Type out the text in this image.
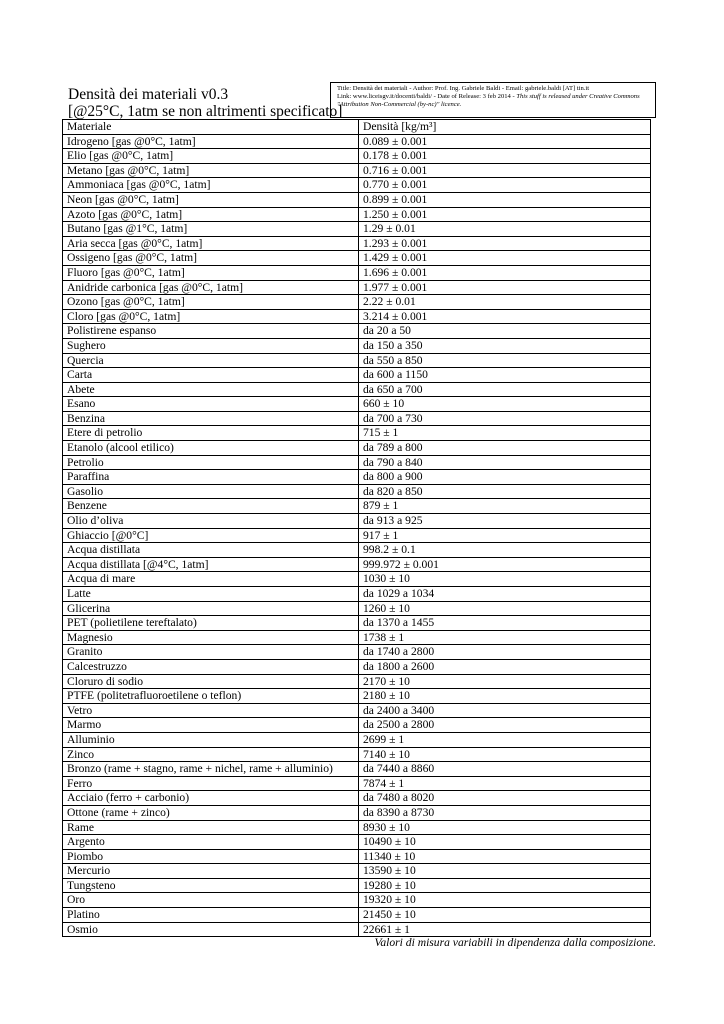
Densità dei materiali v0.3
[@25°C, 1atm se non altrimenti specificato]
Title: Densità dei materiali - Author: Prof. Ing. Gabriele Baldi - Email: gabriele.baldi [AT] tin.it
Link: www.liceisgv.it/docenti/baldi/ - Date of Release: 3 feb 2014 - This stuff is released under Creative Commons "Attribution Non-Commercial (by-nc)" licence.
Materiale	Densità [kg/m³]
Idrogeno [gas @0°C, 1atm]	0.089 ± 0.001
Elio [gas @0°C, 1atm]	0.178 ± 0.001
Metano [gas @0°C, 1atm]	0.716 ± 0.001
Ammoniaca [gas @0°C, 1atm]	0.770 ± 0.001
Neon [gas @0°C, 1atm]	0.899 ± 0.001
Azoto [gas @0°C, 1atm]	1.250 ± 0.001
Butano [gas @1°C, 1atm]	1.29 ± 0.01
Aria secca [gas @0°C, 1atm]	1.293 ± 0.001
Ossigeno [gas @0°C, 1atm]	1.429 ± 0.001
Fluoro [gas @0°C, 1atm]	1.696 ± 0.001
Anidride carbonica [gas @0°C, 1atm]	1.977 ± 0.001
Ozono [gas @0°C, 1atm]	2.22 ± 0.01
Cloro [gas @0°C, 1atm]	3.214 ± 0.001
Polistirene espanso	da 20 a 50
Sughero	da 150 a 350
Quercia	da 550 a 850
Carta	da 600 a 1150
Abete	da 650 a 700
Esano	660 ± 10
Benzina	da 700 a 730
Etere di petrolio	715 ± 1
Etanolo (alcool etilico)	da 789 a 800
Petrolio	da 790 a 840
Paraffina	da 800 a 900
Gasolio	da 820 a 850
Benzene	879 ± 1
Olio d’oliva	da 913 a 925
Ghiaccio [@0°C]	917 ± 1
Acqua distillata	998.2 ± 0.1
Acqua distillata [@4°C, 1atm]	999.972 ± 0.001
Acqua di mare	1030 ± 10
Latte	da 1029 a 1034
Glicerina	1260 ± 10
PET (polietilene tereftalato)	da 1370 a 1455
Magnesio	1738 ± 1
Granito	da 1740 a 2800
Calcestruzzo	da 1800 a 2600
Cloruro di sodio	2170 ± 10
PTFE (politetrafluoroetilene o teflon)	2180 ± 10
Vetro	da 2400 a 3400
Marmo	da 2500 a 2800
Alluminio	2699 ± 1
Zinco	7140 ± 10
Bronzo (rame + stagno, rame + nichel, rame + alluminio)	da 7440 a 8860
Ferro	7874 ± 1
Acciaio (ferro + carbonio)	da 7480 a 8020
Ottone (rame + zinco)	da 8390 a 8730
Rame	8930 ± 10
Argento	10490 ± 10
Piombo	11340 ± 10
Mercurio	13590 ± 10
Tungsteno	19280 ± 10
Oro	19320 ± 10
Platino	21450 ± 10
Osmio	22661 ± 1
Valori di misura variabili in dipendenza dalla composizione.
